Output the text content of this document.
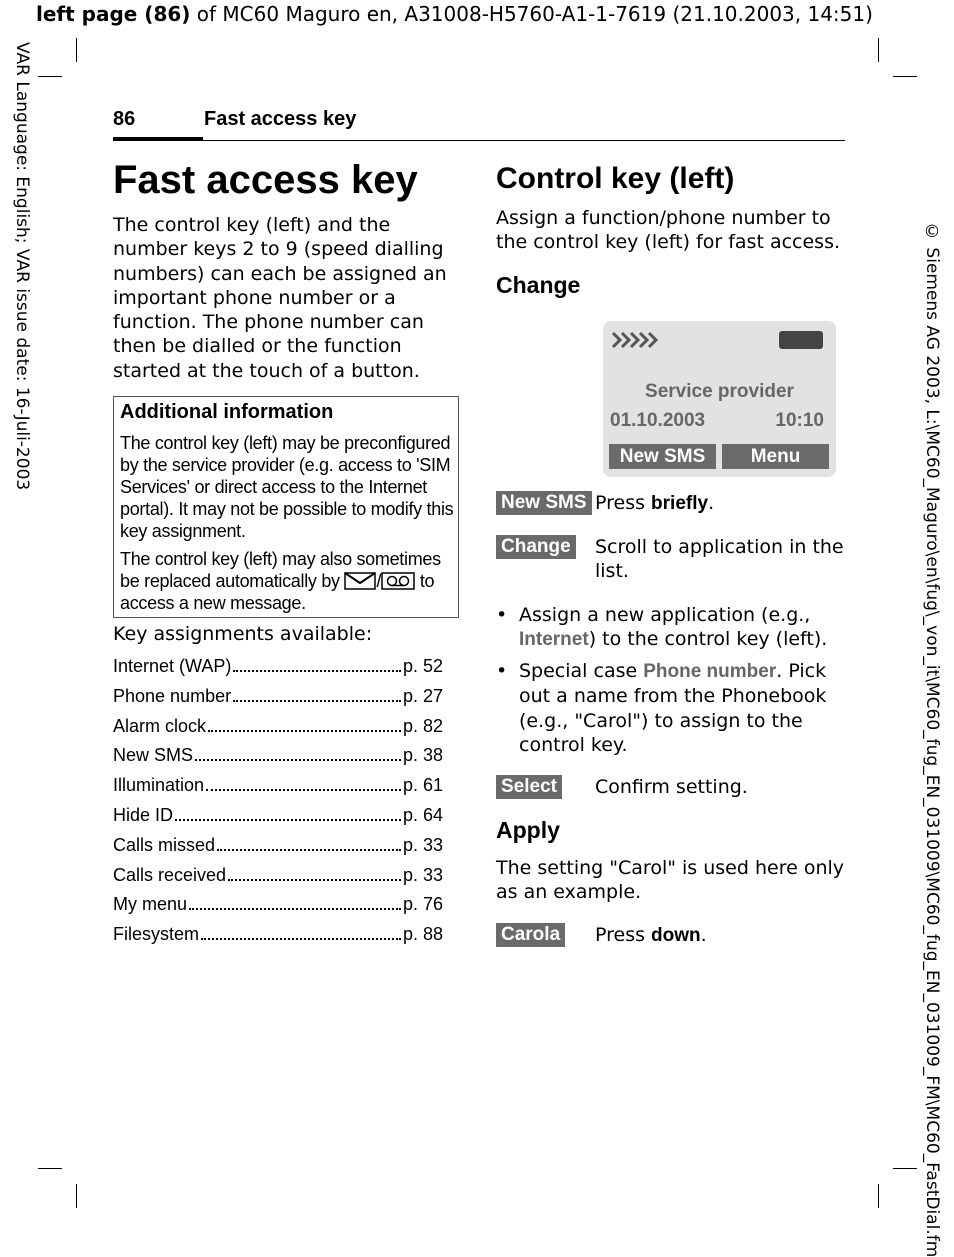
left page (86) of MC60 Maguro en, A31008-H5760-A1-1-7619 (21.10.2003, 14:51)
VAR Language: English; VAR issue date: 16-Juli-2003	© Siemens AG 2003, L:\MC60_Maguro\en\fug\_von_it\MC60_fug_EN_031009\MC60_fug_EN_031009_FM\MC60_FastDial.fm
86	Fast access key
Fast access key

The control key (left) and the number keys 2 to 9 (speed dialling numbers) can each be assigned an important phone number or a function. The phone number can then be dialled or the function started at the touch of a button.

Additional information

The control key (left) may be preconfigured by the service provider (e.g. access to 'SIM Services' or direct access to the Internet portal). It may not be possible to modify this key assignment.

The control key (left) may also sometimes be replaced automatically by / to access a new message.

Key assignments available:
Internet (WAP)	p. 52
Phone number	p. 27
Alarm clock	p. 82
New SMS	p. 38
Illumination	p. 61
Hide ID	p. 64
Calls missed	p. 33
Calls received	p. 33
My menu	p. 76
Filesystem	p. 88
Control key (left)

Assign a function/phone number to the control key (left) for fast access.

Change
Service provider
01.10.2003	10:10
New SMS	Menu
New SMS Press briefly.
Change Scroll to application in the list.

• Assign a new application (e.g., Internet) to the control key (left).
• Special case Phone number. Pick out a name from the Phonebook (e.g., "Carol") to assign to the control key.
Select Confirm setting.
Apply

The setting "Carol" is used here only as an example.

Carola Press down.
